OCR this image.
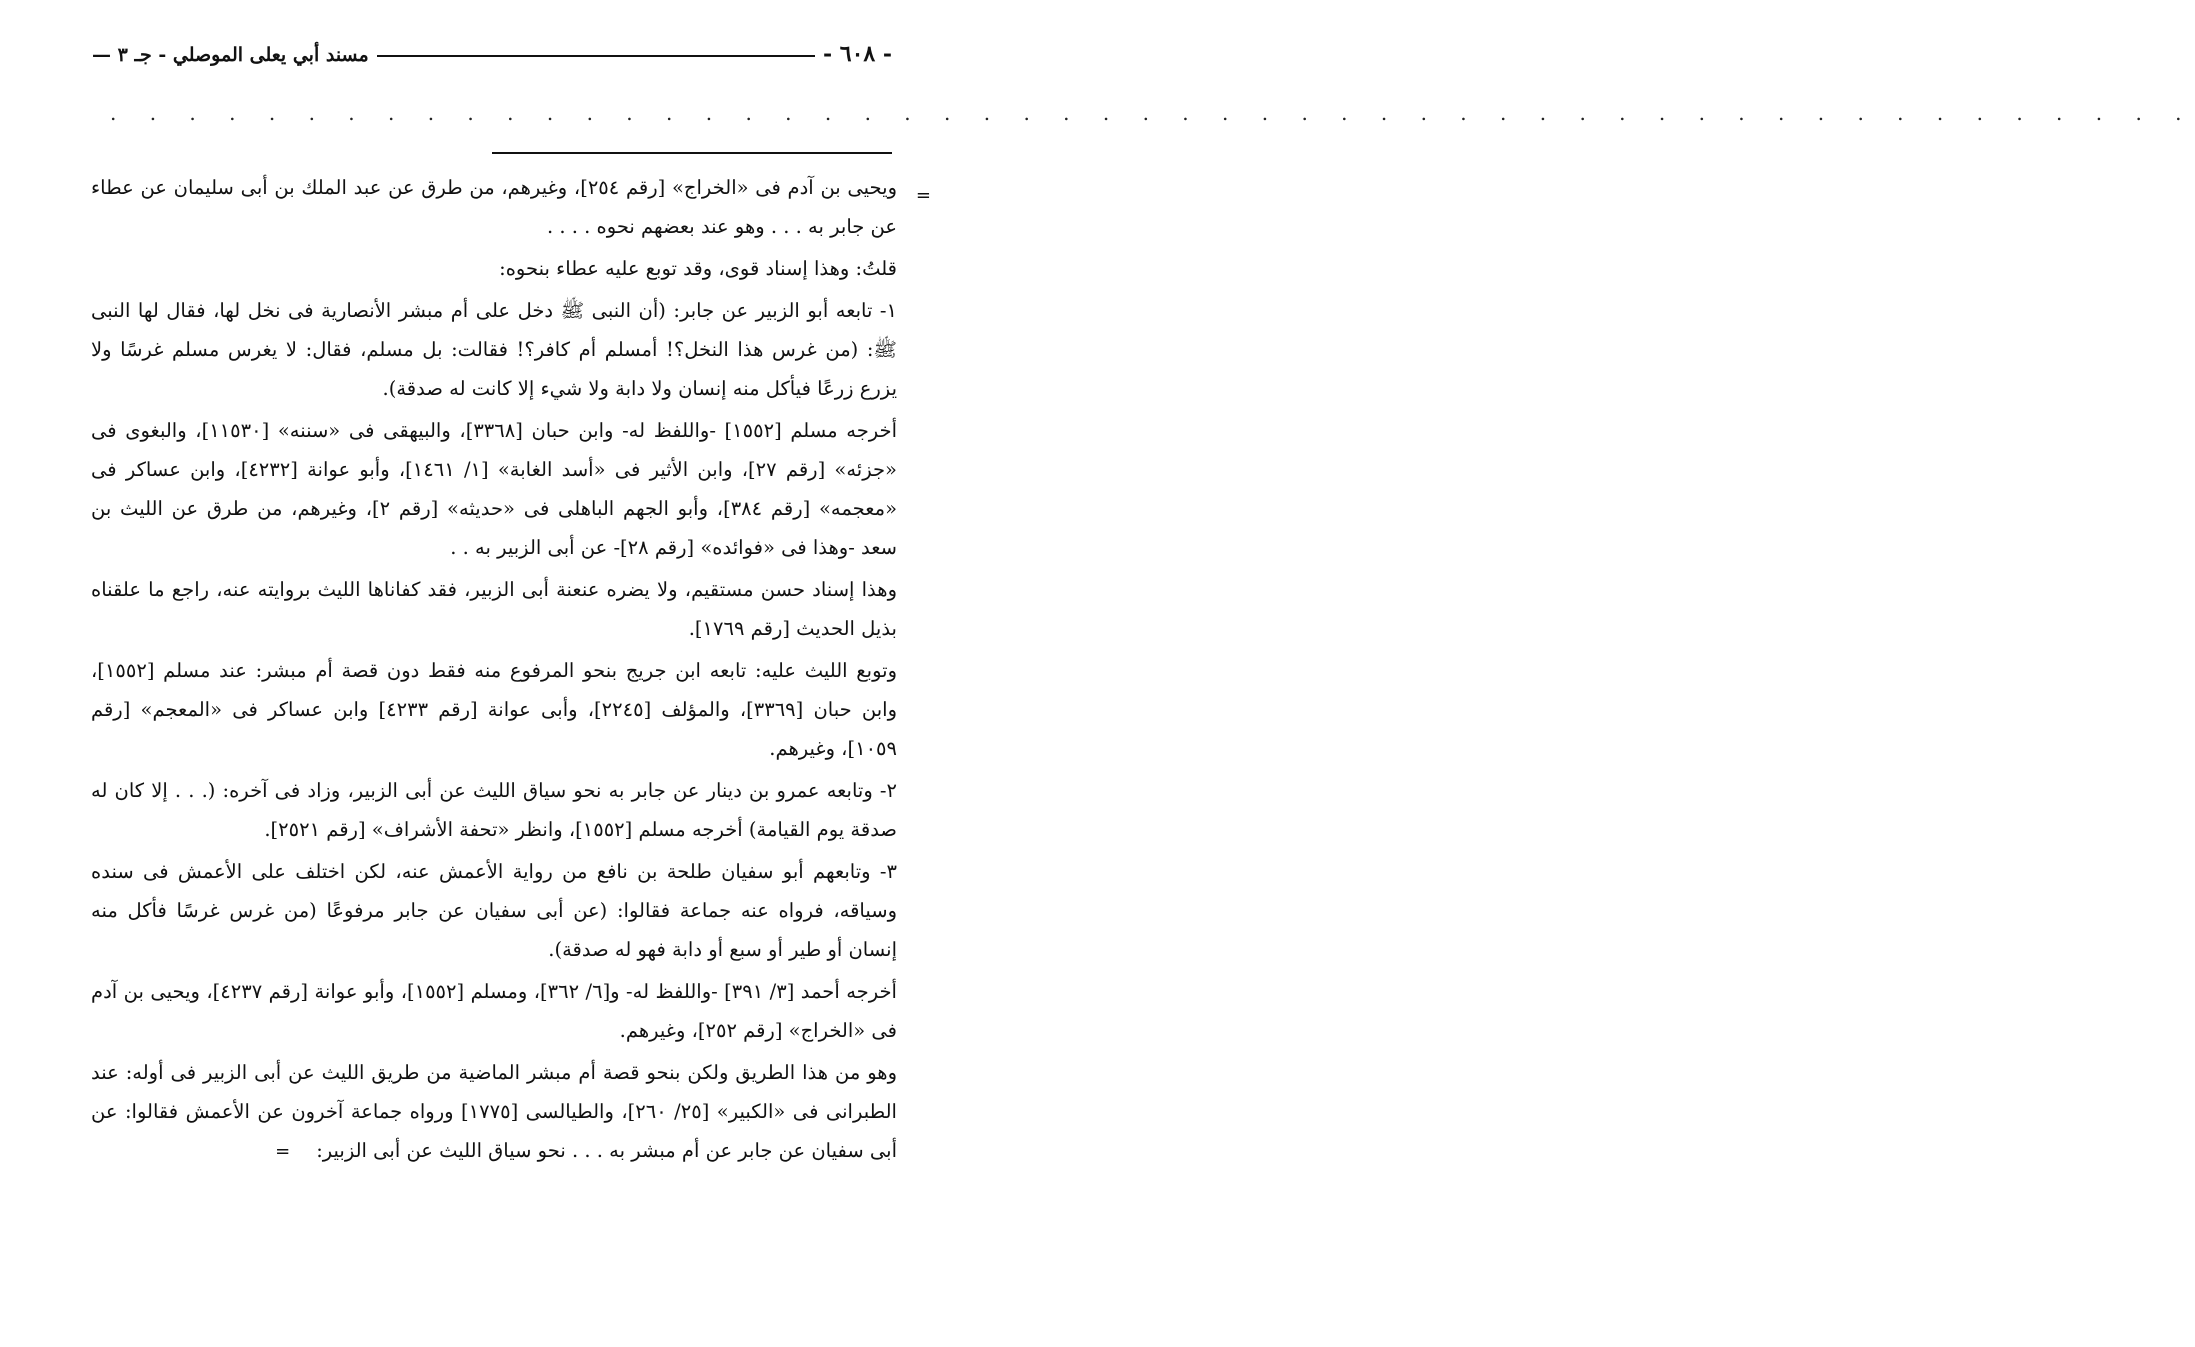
- ٦٠٨ -
مسند أبي يعلى الموصلي - جـ ٣ —
. . . . . . . . . . . . . . . . . . . . . . . . . . . . . . . . . . . . . . . . . . . . . . . . . . . . .
=

ويحيى بن آدم فى «الخراج» [رقم ٢٥٤]، وغيرهم، من طرق عن عبد الملك بن أبى سليمان عن عطاء عن جابر به . . . وهو عند بعضهم نحوه . . . .

قلتُ: وهذا إسناد قوى، وقد توبع عليه عطاء بنحوه:

١- تابعه أبو الزبير عن جابر: (أن النبى ﷺ دخل على أم مبشر الأنصارية فى نخل لها، فقال لها النبى ﷺ: (من غرس هذا النخل؟! أمسلم أم كافر؟! فقالت: بل مسلم، فقال: لا يغرس مسلم غرسًا ولا يزرع زرعًا فيأكل منه إنسان ولا دابة ولا شيء إلا كانت له صدقة).

أخرجه مسلم [١٥٥٢] -واللفظ له- وابن حبان [٣٣٦٨]، والبيهقى فى «سننه» [١١٥٣٠]، والبغوى فى «جزئه» [رقم ٢٧]، وابن الأثير فى «أسد الغابة» [١/ ١٤٦١]، وأبو عوانة [٤٢٣٢]، وابن عساكر فى «معجمه» [رقم ٣٨٤]، وأبو الجهم الباهلى فى «حديثه» [رقم ٢]، وغيرهم، من طرق عن الليث بن سعد -وهذا فى «فوائده» [رقم ٢٨]- عن أبى الزبير به . .

وهذا إسناد حسن مستقيم، ولا يضره عنعنة أبى الزبير، فقد كفاناها الليث بروايته عنه، راجع ما علقناه بذيل الحديث [رقم ١٧٦٩].

وتوبع الليث عليه: تابعه ابن جريج بنحو المرفوع منه فقط دون قصة أم مبشر: عند مسلم [١٥٥٢]، وابن حبان [٣٣٦٩]، والمؤلف [٢٢٤٥]، وأبى عوانة [رقم ٤٢٣٣] وابن عساكر فى «المعجم» [رقم ١٠٥٩]، وغيرهم.

٢- وتابعه عمرو بن دينار عن جابر به نحو سياق الليث عن أبى الزبير، وزاد فى آخره: (. . . إلا كان له صدقة يوم القيامة) أخرجه مسلم [١٥٥٢]، وانظر «تحفة الأشراف» [رقم ٢٥٢١].

٣- وتابعهم أبو سفيان طلحة بن نافع من رواية الأعمش عنه، لكن اختلف على الأعمش فى سنده وسياقه، فرواه عنه جماعة فقالوا: (عن أبى سفيان عن جابر مرفوعًا (من غرس غرسًا فأكل منه إنسان أو طير أو سبع أو دابة فهو له صدقة).

أخرجه أحمد [٣/ ٣٩١] -واللفظ له- و[٦/ ٣٦٢]، ومسلم [١٥٥٢]، وأبو عوانة [رقم ٤٢٣٧]، ويحيى بن آدم فى «الخراج» [رقم ٢٥٢]، وغيرهم.

وهو من هذا الطريق ولكن بنحو قصة أم مبشر الماضية من طريق الليث عن أبى الزبير فى أوله: عند الطبرانى فى «الكبير» [٢٥/ ٢٦٠]، والطيالسى [١٧٧٥] ورواه جماعة آخرون عن الأعمش فقالوا: عن أبى سفيان عن جابر عن أم مبشر به . . . نحو سياق الليث عن أبى الزبير:=
